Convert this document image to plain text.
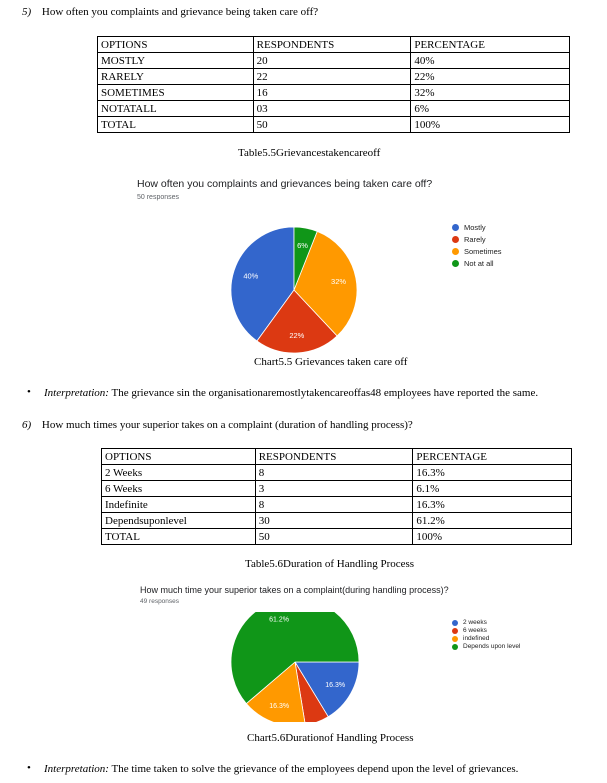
5) How often you complaints and grievance being taken care off?
OPTIONS	RESPONDENTS	PERCENTAGE
MOSTLY	20	40%
RARELY	22	22%
SOMETIMES	16	32%
NOTATALL	03	6%
TOTAL	50	100%
Table5.5Grievancestakencareoff
How often you complaints and grievances being taken care off?
50 responses
40%
22%
32%
6%
Mostly
Rarely
Sometimes
Not at all
Chart5.5 Grievances taken care off
• Interpretation: The grievance sin the organisationaremostlytakencareoffas48 employees have reported the same.
6) How much times your superior takes on a complaint (duration of handling process)?
OPTIONS	RESPONDENTS	PERCENTAGE
2 Weeks	8	16.3%
6 Weeks	3	6.1%
Indefinite	8	16.3%
Dependsuponlevel	30	61.2%
TOTAL	50	100%
Table5.6Duration of Handling Process
How much time your superior takes on a complaint(during handling process)?
49 responses
16.3%
16.3%
61.2%	2 weeks
6 weeks
indefined
Depends upon level
Chart5.6Durationof Handling Process
• Interpretation: The time taken to solve the grievance of the employees depend upon the level of grievances.
